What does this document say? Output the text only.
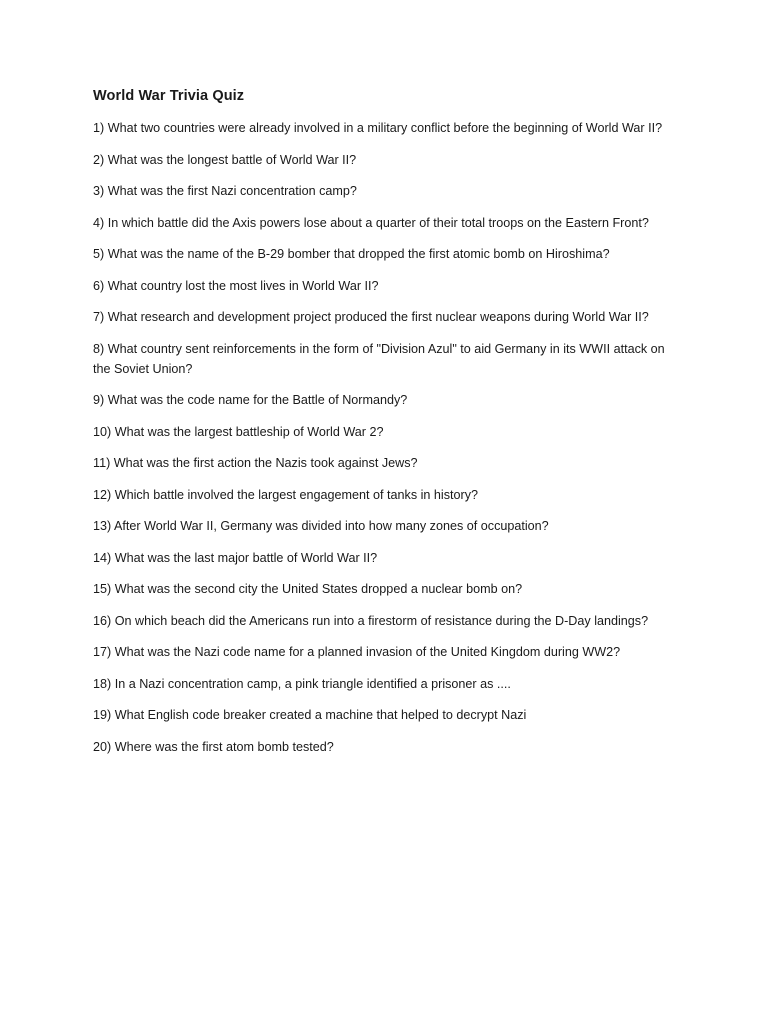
World War Trivia Quiz
1) What two countries were already involved in a military conflict before the beginning of World War II?
2) What was the longest battle of World War II?
3) What was the first Nazi concentration camp?
4) In which battle did the Axis powers lose about a quarter of their total troops on the Eastern Front?
5) What was the name of the B-29 bomber that dropped the first atomic bomb on Hiroshima?
6) What country lost the most lives in World War II?
7) What research and development project produced the first nuclear weapons during World War II?
8) What country sent reinforcements in the form of "Division Azul" to aid Germany in its WWII attack on the Soviet Union?
9) What was the code name for the Battle of Normandy?
10) What was the largest battleship of World War 2?
11) What was the first action the Nazis took against Jews?
12) Which battle involved the largest engagement of tanks in history?
13) After World War II, Germany was divided into how many zones of occupation?
14) What was the last major battle of World War II?
15) What was the second city the United States dropped a nuclear bomb on?
16) On which beach did the Americans run into a firestorm of resistance during the D-Day landings?
17) What was the Nazi code name for a planned invasion of the United Kingdom during WW2?
18) In a Nazi concentration camp, a pink triangle identified a prisoner as ....
19) What English code breaker created a machine that helped to decrypt Nazi
20) Where was the first atom bomb tested?
